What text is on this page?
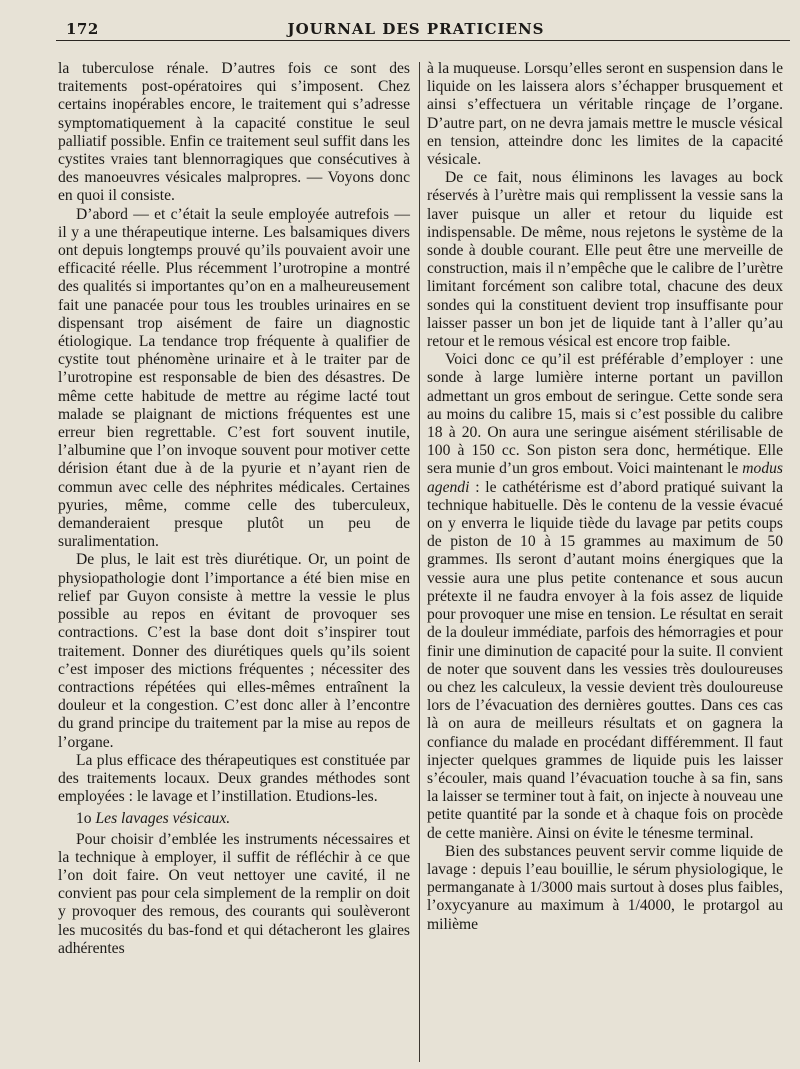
172	JOURNAL DES PRATICIENS

la tuberculose rénale. D’autres fois ce sont des traitements post-opératoires qui s’imposent. Chez certains inopérables encore, le traitement qui s’adresse symptomatiquement à la capacité constitue le seul palliatif possible. Enfin ce traitement seul suffit dans les cystites vraies tant blennorragiques que consécutives à des manoeuvres vésicales malpropres. — Voyons donc en quoi il consiste.

D’abord — et c’était la seule employée autrefois — il y a une thérapeutique interne. Les balsamiques divers ont depuis longtemps prouvé qu’ils pouvaient avoir une efficacité réelle. Plus récemment l’urotropine a montré des qualités si importantes qu’on en a malheureusement fait une panacée pour tous les troubles urinaires en se dispensant trop aisément de faire un diagnostic étiologique. La tendance trop fréquente à qualifier de cystite tout phénomène urinaire et à le traiter par de l’urotropine est responsable de bien des désastres. De même cette habitude de mettre au régime lacté tout malade se plaignant de mictions fréquentes est une erreur bien regrettable. C’est fort souvent inutile, l’albumine que l’on invoque souvent pour motiver cette dérision étant due à de la pyurie et n’ayant rien de commun avec celle des néphrites médicales. Certaines pyuries, même, comme celle des tuberculeux, demanderaient presque plutôt un peu de suralimentation.

De plus, le lait est très diurétique. Or, un point de physiopathologie dont l’importance a été bien mise en relief par Guyon consiste à mettre la vessie le plus possible au repos en évitant de provoquer ses contractions. C’est la base dont doit s’inspirer tout traitement. Donner des diurétiques quels qu’ils soient c’est imposer des mictions fréquentes ; nécessiter des contractions répétées qui elles-mêmes entraînent la douleur et la congestion. C’est donc aller à l’encontre du grand principe du traitement par la mise au repos de l’organe.

La plus efficace des thérapeutiques est constituée par des traitements locaux. Deux grandes méthodes sont employées : le lavage et l’instillation. Etudions-les.

1o Les lavages vésicaux.

Pour choisir d’emblée les instruments nécessaires et la technique à employer, il suffit de réfléchir à ce que l’on doit faire. On veut nettoyer une cavité, il ne convient pas pour cela simplement de la remplir on doit y provoquer des remous, des courants qui soulèveront les mucosités du bas-fond et qui détacheront les glaires adhérentes

à la muqueuse. Lorsqu’elles seront en suspension dans le liquide on les laissera alors s’échapper brusquement et ainsi s’effectuera un véritable rinçage de l’organe. D’autre part, on ne devra jamais mettre le muscle vésical en tension, atteindre donc les limites de la capacité vésicale.

De ce fait, nous éliminons les lavages au bock réservés à l’urètre mais qui remplissent la vessie sans la laver puisque un aller et retour du liquide est indispensable. De même, nous rejetons le système de la sonde à double courant. Elle peut être une merveille de construction, mais il n’empêche que le calibre de l’urètre limitant forcément son calibre total, chacune des deux sondes qui la constituent devient trop insuffisante pour laisser passer un bon jet de liquide tant à l’aller qu’au retour et le remous vésical est encore trop faible.

Voici donc ce qu’il est préférable d’employer : une sonde à large lumière interne portant un pavillon admettant un gros embout de seringue. Cette sonde sera au moins du calibre 15, mais si c’est possible du calibre 18 à 20. On aura une seringue aisément stérilisable de 100 à 150 cc. Son piston sera donc, hermétique. Elle sera munie d’un gros embout. Voici maintenant le modus agendi : le cathétérisme est d’abord pratiqué suivant la technique habituelle. Dès le contenu de la vessie évacué on y enverra le liquide tiède du lavage par petits coups de piston de 10 à 15 grammes au maximum de 50 grammes. Ils seront d’autant moins énergiques que la vessie aura une plus petite contenance et sous aucun prétexte il ne faudra envoyer à la fois assez de liquide pour provoquer une mise en tension. Le résultat en serait de la douleur immédiate, parfois des hémorragies et pour finir une diminution de capacité pour la suite. Il convient de noter que souvent dans les vessies très douloureuses ou chez les calculeux, la vessie devient très douloureuse lors de l’évacuation des dernières gouttes. Dans ces cas là on aura de meilleurs résultats et on gagnera la confiance du malade en procédant différemment. Il faut injecter quelques grammes de liquide puis les laisser s’écouler, mais quand l’évacuation touche à sa fin, sans la laisser se terminer tout à fait, on injecte à nouveau une petite quantité par la sonde et à chaque fois on procède de cette manière. Ainsi on évite le ténesme terminal.

Bien des substances peuvent servir comme liquide de lavage : depuis l’eau bouillie, le sérum physiologique, le permanganate à 1/3000 mais surtout à doses plus faibles, l’oxycyanure au maximum à 1/4000, le protargol au milième
